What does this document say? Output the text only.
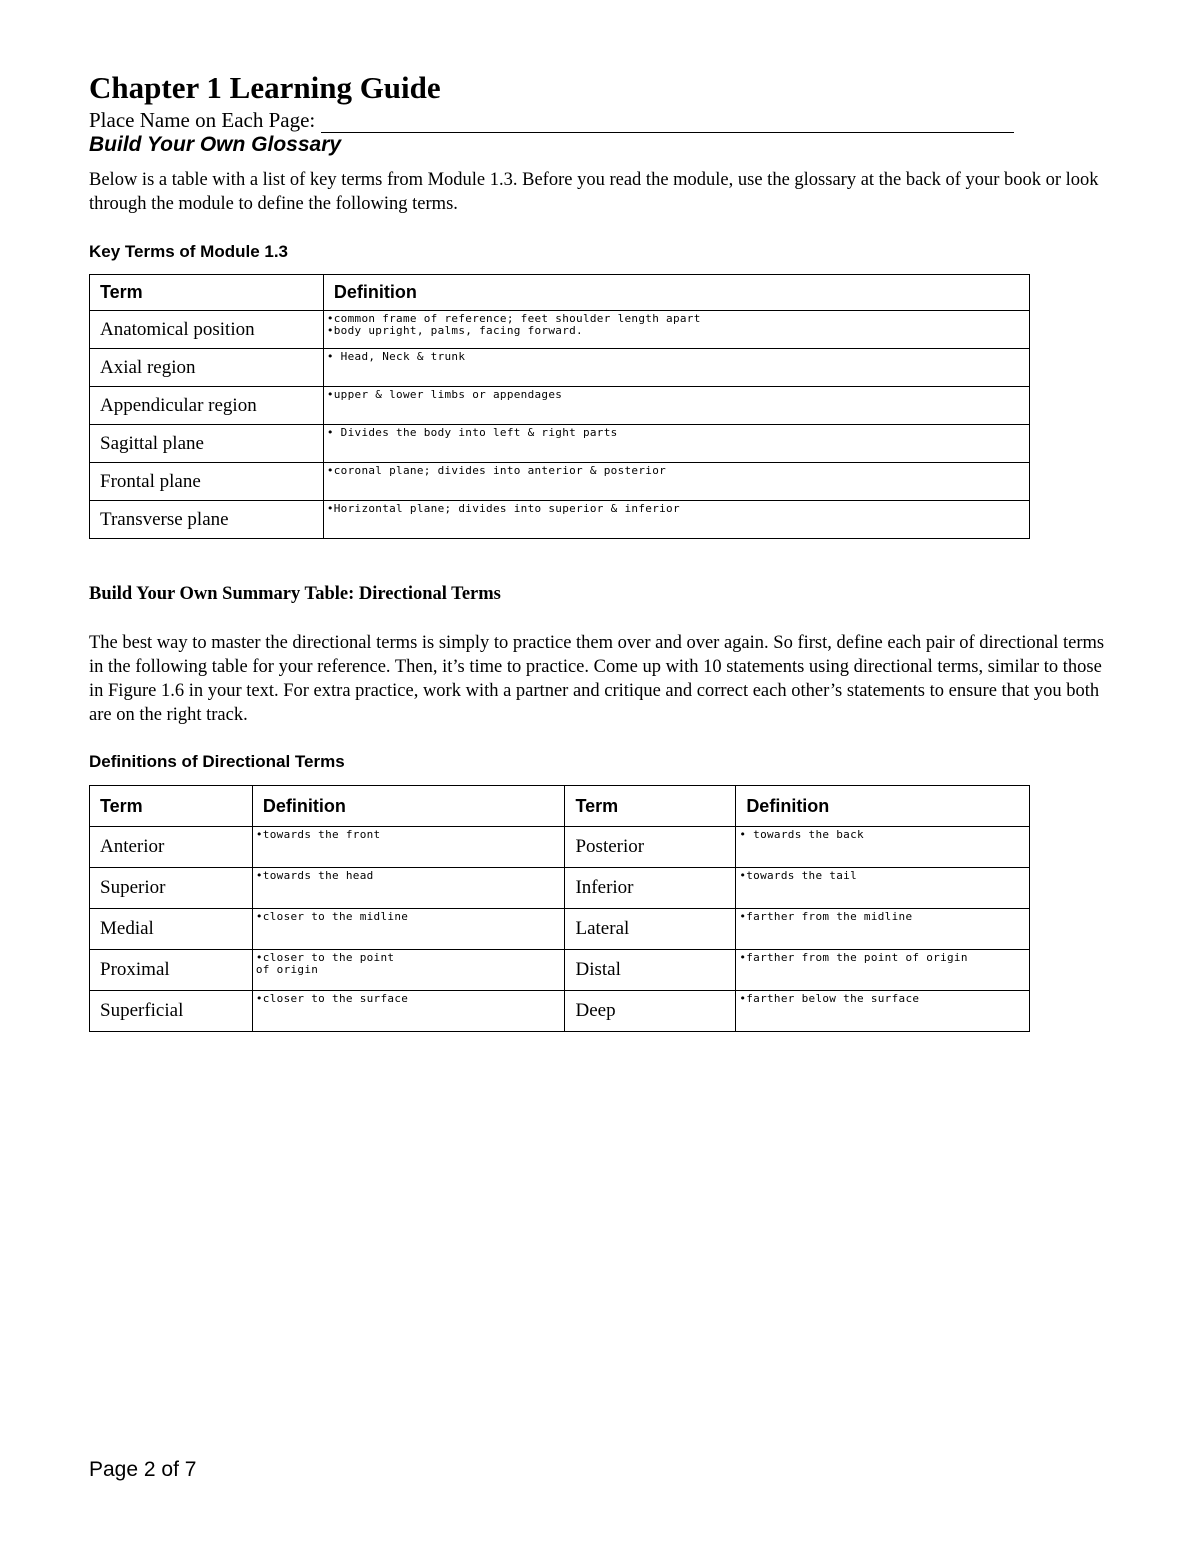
Chapter 1 Learning Guide
Place Name on Each Page:
Build Your Own Glossary
Below is a table with a list of key terms from Module 1.3. Before you read the module, use the glossary at the back of your book or look through the module to define the following terms.
Key Terms of Module 1.3
Term	Definition
Anatomical position	•common frame of reference; feet shoulder length apart
•body upright, palms, facing forward.

Axial region	• Head, Neck & trunk

Appendicular region	•upper & lower limbs or appendages

Sagittal plane	• Divides the body into left & right parts

Frontal plane	•coronal plane; divides into anterior & posterior

Transverse plane	•Horizontal plane; divides into superior & inferior
Build Your Own Summary Table: Directional Terms
The best way to master the directional terms is simply to practice them over and over again. So first, define each pair of directional terms in the following table for your reference. Then, it’s time to practice. Come up with 10 statements using directional terms, similar to those in Figure 1.6 in your text. For extra practice, work with a partner and critique and correct each other’s statements to ensure that you both are on the right track.
Definitions of Directional Terms
Term	Definition	Term	Definition
Anterior	•towards the front	Posterior	• towards the back

Superior	•towards the head	Inferior	•towards the tail

Medial	•closer to the midline	Lateral	•farther from the midline

Proximal	•closer to the point
of origin	Distal	•farther from the point of origin

Superficial	•closer to the surface	Deep	•farther below the surface
Page 2 of 7
